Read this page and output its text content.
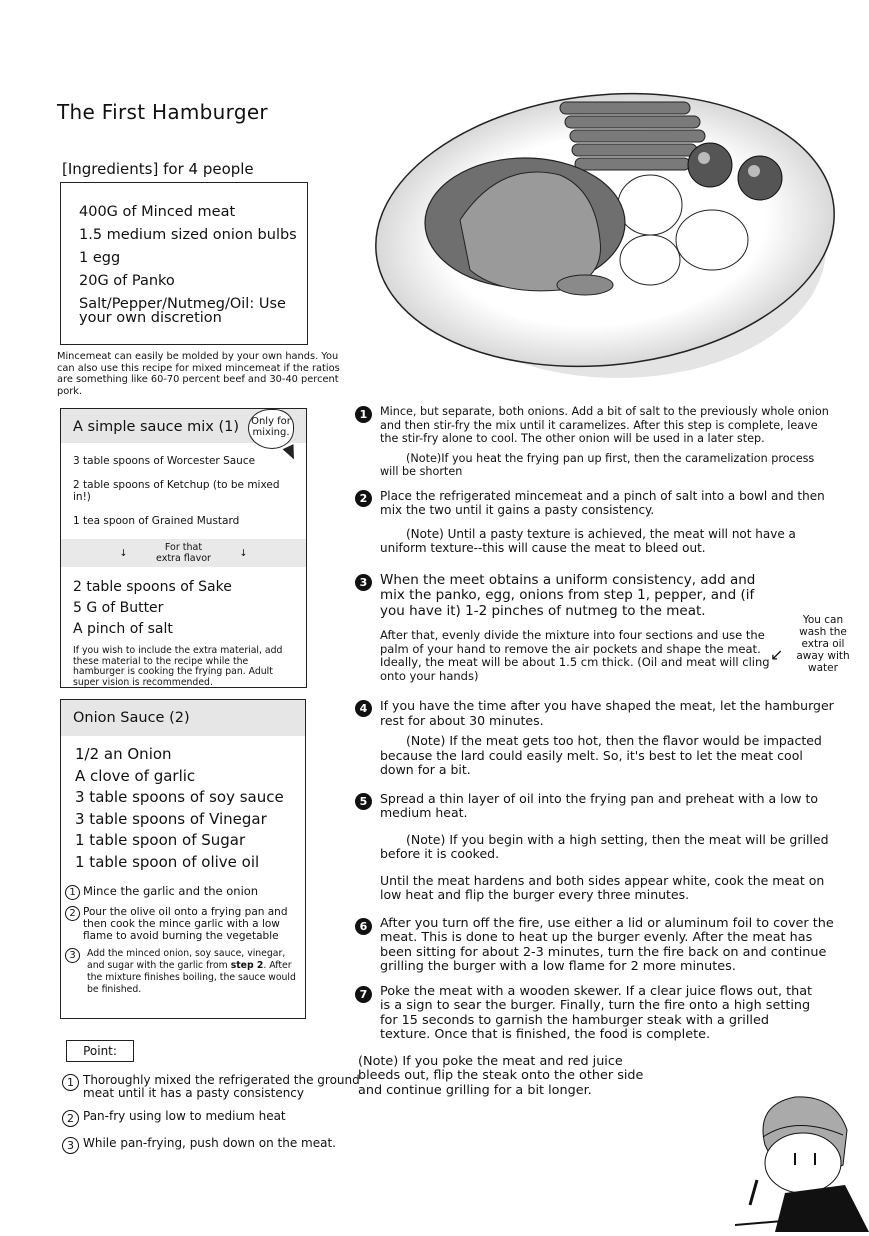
The First Hamburger
[Ingredients] for 4 people
400G of Minced meat
1.5 medium sized onion bulbs
1 egg
20G of Panko
Salt/Pepper/Nutmeg/Oil: Use your own discretion
Mincemeat can easily be molded by your own hands. You can also use this recipe for mixed mincemeat if the ratios are something like 60-70 percent beef and 30-40 percent pork.
A simple sauce mix (1)
3 table spoons of Worcester Sauce
2 table spoons of Ketchup (to be mixed in!)
1 tea spoon of Grained Mustard
↓	For that extra flavor	↓
2 table spoons of Sake
5 G of Butter
A pinch of salt
If you wish to include the extra material, add these material to the recipe while the hamburger is cooking the frying pan. Adult super vision is recommended.
Only for mixing.
Onion Sauce (2)
1/2 an Onion
A clove of garlic
3 table spoons of soy sauce
3 table spoons of Vinegar
1 table spoon of Sugar
1 table spoon of olive oil
1 Mince the garlic and the onion
2 Pour the olive oil onto a frying pan and then cook the mince garlic with a low flame to avoid burning the vegetable
3	Add the minced onion, soy sauce, vinegar, and sugar with the garlic from step 2. After the mixture finishes boiling, the sauce would be finished.
Point:
1 Thoroughly mixed the refrigerated the ground meat until it has a pasty consistency
2 Pan-fry using low to medium heat
3 While pan-frying, push down on the meat.
1	Mince, but separate, both onions. Add a bit of salt to the previously whole onion and then stir-fry the mix until it caramelizes. After this step is complete, leave the stir-fry alone to cool. The other onion will be used in a later step.
(Note)If you heat the frying pan up first, then the caramelization process will be shorten
2	Place the refrigerated mincemeat and a pinch of salt into a bowl and then mix the two until it gains a pasty consistency.
(Note) Until a pasty texture is achieved, the meat will not have a uniform texture--this will cause the meat to bleed out.
3 When the meet obtains a uniform consistency, add and mix the panko, egg, onions from step 1, pepper, and (if you have it) 1-2 pinches of nutmeg to the meat.
After that, evenly divide the mixture into four sections and use the palm of your hand to remove the air pockets and shape the meat. Ideally, the meat will be about 1.5 cm thick. (Oil and meat will cling onto your hands)
4	If you have the time after you have shaped the meat, let the hamburger rest for about 30 minutes.
(Note) If the meat gets too hot, then the flavor would be impacted because the lard could easily melt. So, it's best to let the meat cool down for a bit.
5	Spread a thin layer of oil into the frying pan and preheat with a low to medium heat.
(Note) If you begin with a high setting, then the meat will be grilled before it is cooked.
Until the meat hardens and both sides appear white, cook the meat on low heat and flip the burger every three minutes.
6 After you turn off the fire, use either a lid or aluminum foil to cover the meat. This is done to heat up the burger evenly. After the meat has been sitting for about 2-3 minutes, turn the fire back on and continue grilling the burger with a low flame for 2 more minutes.
7 Poke the meat with a wooden skewer. If a clear juice flows out, that is a sign to sear the burger. Finally, turn the fire onto a high setting for 15 seconds to garnish the hamburger steak with a grilled texture. Once that is finished, the food is complete.
(Note) If you poke the meat and red juice bleeds out, flip the steak onto the other side and continue grilling for a bit longer.
↙
You can wash the extra oil away with water
